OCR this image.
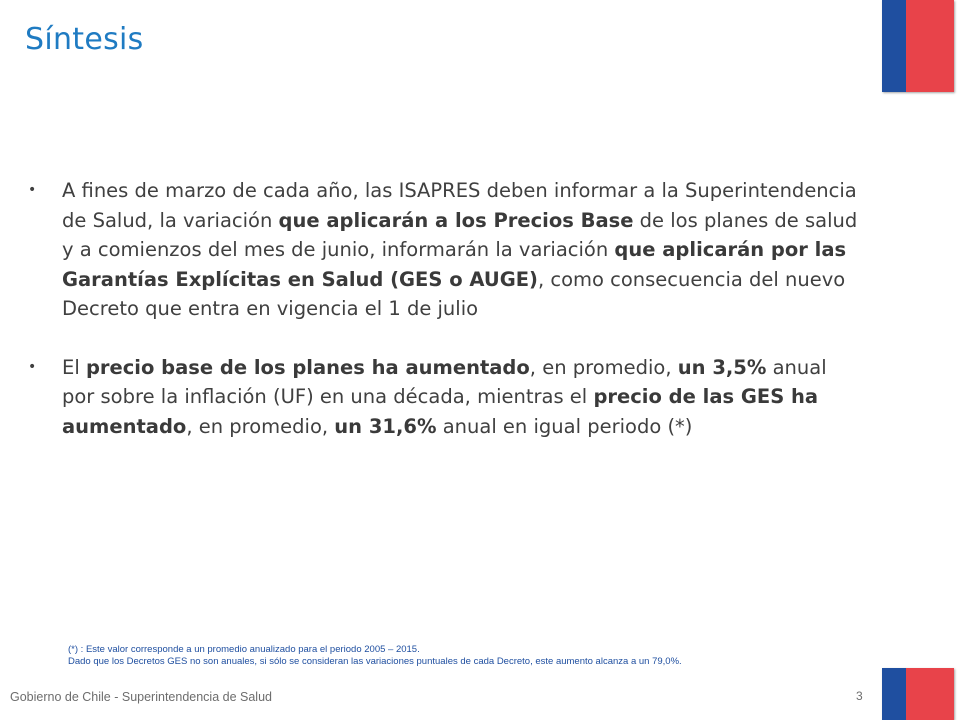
Síntesis
• A fines de marzo de cada año, las ISAPRES deben informar a la Superintendencia de Salud, la variación que aplicarán a los Precios Base de los planes de salud y a comienzos del mes de junio, informarán la variación que aplicarán por las Garantías Explícitas en Salud (GES o AUGE), como consecuencia del nuevo Decreto que entra en vigencia el 1 de julio
• El precio base de los planes ha aumentado, en promedio, un 3,5% anual por sobre la inflación (UF) en una década, mientras el precio de las GES ha aumentado, en promedio, un 31,6% anual en igual periodo (*)
(*) : Este valor corresponde a un promedio anualizado para el periodo 2005 – 2015.
Dado que los Decretos GES no son anuales, si sólo se consideran las variaciones puntuales de cada Decreto, este aumento alcanza a un 79,0%.
Gobierno de Chile - Superintendencia de Salud	3
